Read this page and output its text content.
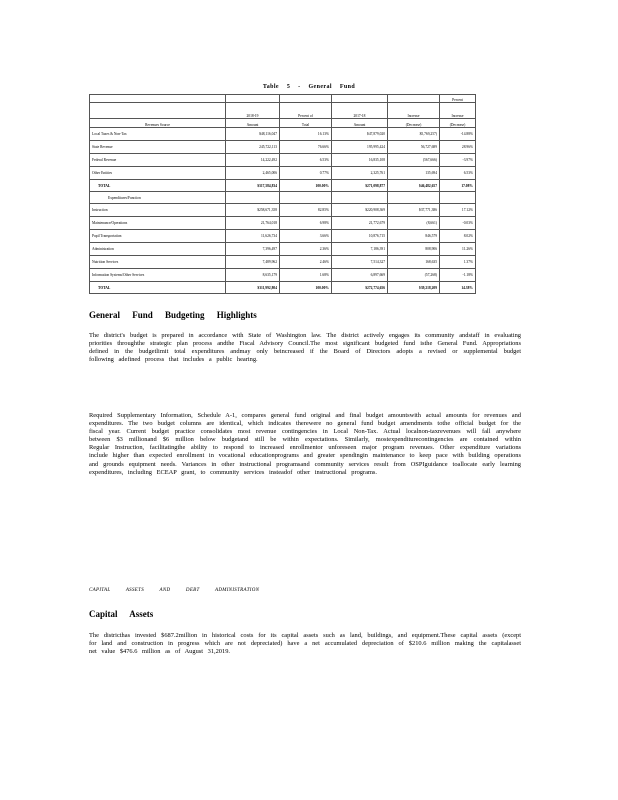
Table 5 - General Fund
					Percent
	2018-19	Percent of	2017-18	Increase	Increase
Revenues Source	Amount	Total	Amount	(Decrease)	(Decrease)
Local Taxes & Non-Tax	$48,116,047	16.13%	$47,879,020	$5,769,257)	-14.88%
State Revenue	245,722,113	76.66%	195,995,424	56,727,689	28.96%
Federal Revenue	14,222,492	6.53%	16,835,108	(567,666)	-3.97%
Other Entities	2,465,006	0.77%	2,325,761	135,694	6.53%
TOTAL	$317,584,834	100.00%	$271,098,877	$46,482,657	17.08%
Expenditures/Function					
Instruction	$258,671,358	82.85%	$220,908,369	$37,771,386	17.12%
Maintenance/Operations	21,764,018	6.98%	21,772,679	(8,661)	-0.03%
Pupil Transportation	11,626,734	3.66%	10,876,715	846,579	8.02%
Administration	7,396,497	2.36%	7,186,391	808,906	11.26%
Nutrition Services	7,489,962	2.46%	7,514,327	168,635	1.37%
Information Systems/Other Services	8,635,179	1.68%	6,897,669	(57,268)	-1.18%
TOTAL	$311,992,804	100.00%	$272,774,656	$39,218,209	14.38%
General Fund Budgeting Highlights

The district's budget is prepared in accordance with State of Washington law. The district actively engages its community andstaff in evaluating priorities throughthe strategic plan process andthe Fiscal Advisory Council.The most significant budgeted fund isthe General Fund. Appropriations defined in the budgetlimit total expenditures andmay only beincreased if the Board of Directors adopts a revised or supplemental budget following adefined process that includes a public hearing.

Required Supplementary Information, Schedule A-1, compares general fund original and final budget amountswith actual amounts for revenues and expenditures. The two budget columns are identical, which indicates therewere no general fund budget amendments tothe official budget for the fiscal year. Current budget practice consolidates most revenue contingencies in Local Non-Tax. Actual localnon-taxrevenues will fall anywhere between $3 millionand $6 million below budgetand still be within expectations. Similarly, mostexpenditurecontingencies are contained within Regular Instruction, facilitatingthe ability to respond to increased enrollmentor unforeseen major program revenues. Other expenditure variations include higher than expected enrollment in vocational educationprograms and greater spendingin maintenance to keep pace with building operations and grounds equipment needs. Variances in other instructional programsand community services result from OSPIguidance toallocate early learning expenditures, including ECEAP grant, to community services insteadof other instructional programs.

CAPITAL ASSETS AND DEBT ADMINISTRATION
Capital Assets

The districthas invested $687.2million in historical costs for its capital assets such as land, buildings, and equipment.These capital assets (except for land and construction in progress which are not depreciated) have a net accumulated depreciation of $210.6 million making the capitalasset net value $476.6 million as of August 31,2019.
